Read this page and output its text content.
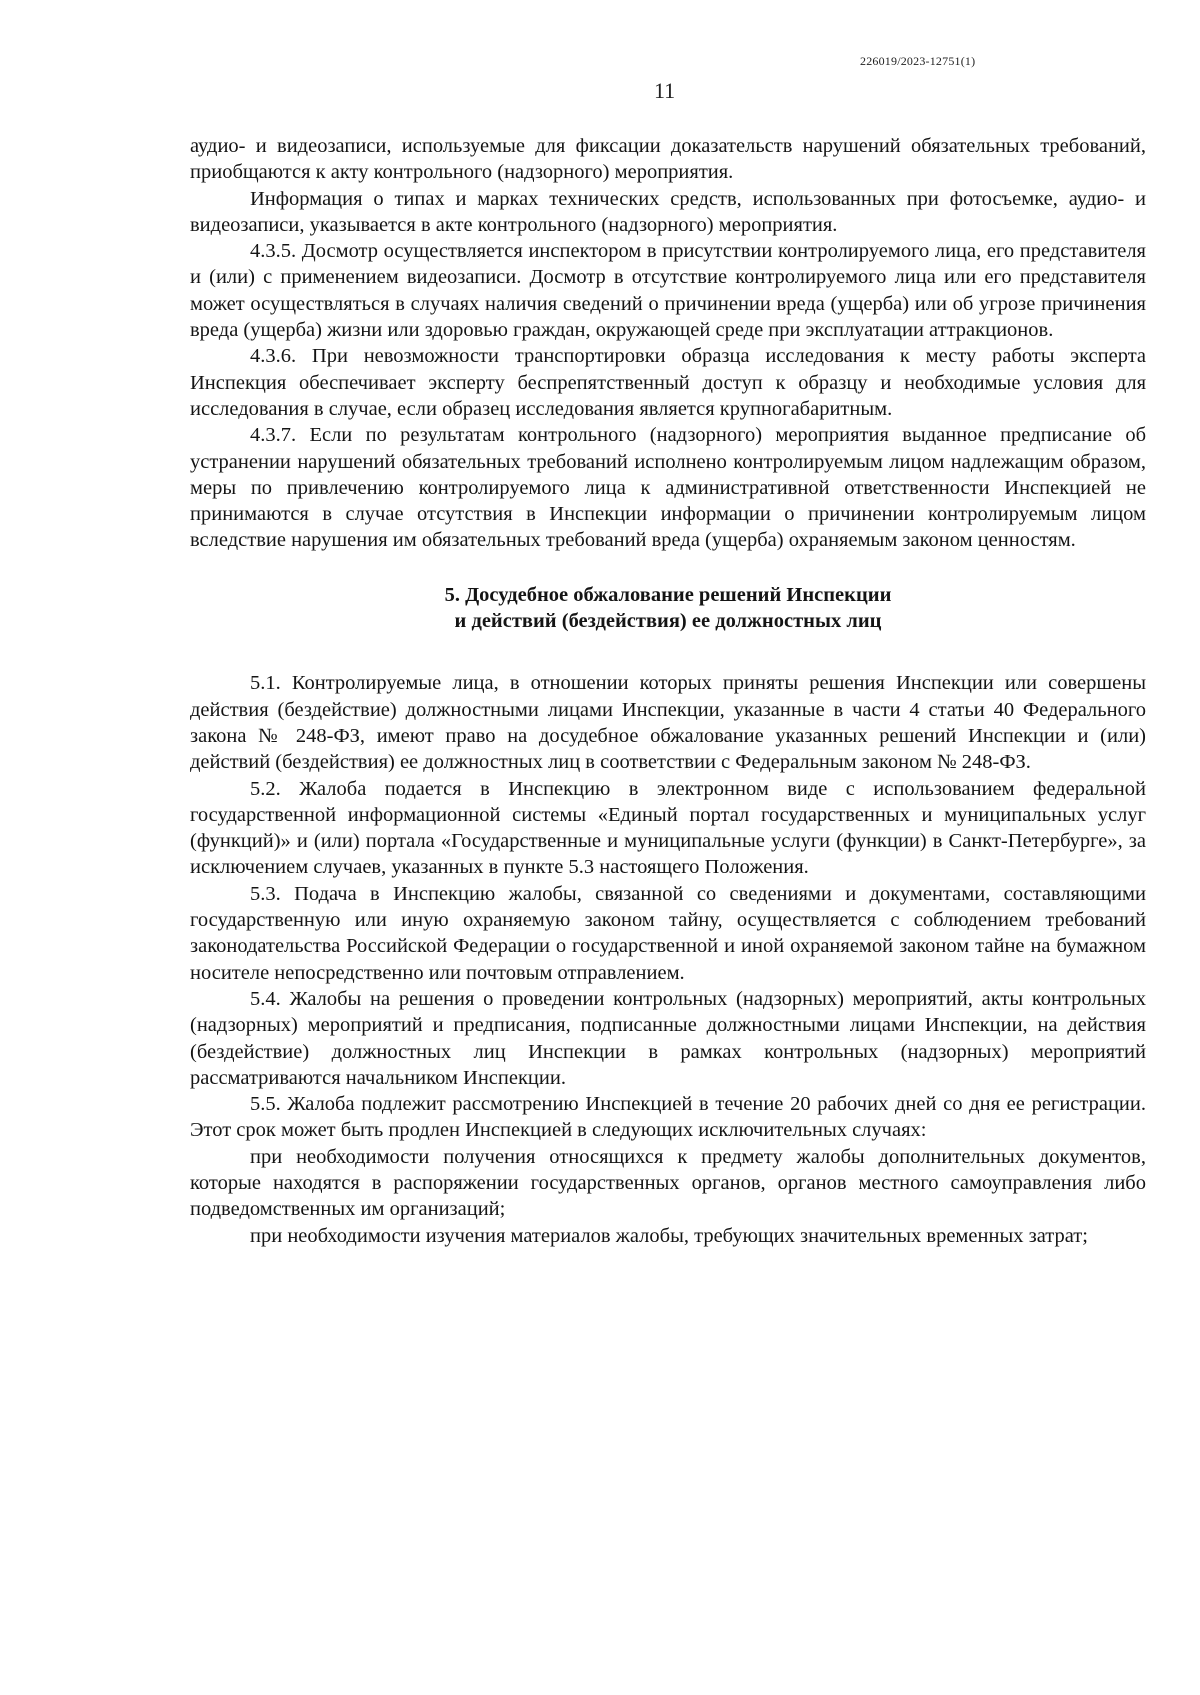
226019/2023-12751(1)
11

аудио- и видеозаписи, используемые для фиксации доказательств нарушений обязательных требований, приобщаются к акту контрольного (надзорного) мероприятия.

Информация о типах и марках технических средств, использованных при фотосъемке, аудио- и видеозаписи, указывается в акте контрольного (надзорного) мероприятия.

4.3.5. Досмотр осуществляется инспектором в присутствии контролируемого лица, его представителя и (или) с применением видеозаписи. Досмотр в отсутствие контролируемого лица или его представителя может осуществляться в случаях наличия сведений о причинении вреда (ущерба) или об угрозе причинения вреда (ущерба) жизни или здоровью граждан, окружающей среде при эксплуатации аттракционов.

4.3.6. При невозможности транспортировки образца исследования к месту работы эксперта Инспекция обеспечивает эксперту беспрепятственный доступ к образцу и необходимые условия для исследования в случае, если образец исследования является крупногабаритным.

4.3.7. Если по результатам контрольного (надзорного) мероприятия выданное предписание об устранении нарушений обязательных требований исполнено контролируемым лицом надлежащим образом, меры по привлечению контролируемого лица к административной ответственности Инспекцией не принимаются в случае отсутствия в Инспекции информации о причинении контролируемым лицом вследствие нарушения им обязательных требований вреда (ущерба) охраняемым законом ценностям.

5. Досудебное обжалование решений Инспекции
и действий (бездействия) ее должностных лиц

5.1. Контролируемые лица, в отношении которых приняты решения Инспекции или совершены действия (бездействие) должностными лицами Инспекции, указанные в части 4 статьи 40 Федерального закона № 248-ФЗ, имеют право на досудебное обжалование указанных решений Инспекции и (или) действий (бездействия) ее должностных лиц в соответствии с Федеральным законом № 248-ФЗ.

5.2. Жалоба подается в Инспекцию в электронном виде с использованием федеральной государственной информационной системы «Единый портал государственных и муниципальных услуг (функций)» и (или) портала «Государственные и муниципальные услуги (функции) в Санкт-Петербурге», за исключением случаев, указанных в пункте 5.3 настоящего Положения.

5.3. Подача в Инспекцию жалобы, связанной со сведениями и документами, составляющими государственную или иную охраняемую законом тайну, осуществляется с соблюдением требований законодательства Российской Федерации о государственной и иной охраняемой законом тайне на бумажном носителе непосредственно или почтовым отправлением.

5.4. Жалобы на решения о проведении контрольных (надзорных) мероприятий, акты контрольных (надзорных) мероприятий и предписания, подписанные должностными лицами Инспекции, на действия (бездействие) должностных лиц Инспекции в рамках контрольных (надзорных) мероприятий рассматриваются начальником Инспекции.

5.5. Жалоба подлежит рассмотрению Инспекцией в течение 20 рабочих дней со дня ее регистрации. Этот срок может быть продлен Инспекцией в следующих исключительных случаях:

при необходимости получения относящихся к предмету жалобы дополнительных документов, которые находятся в распоряжении государственных органов, органов местного самоуправления либо подведомственных им организаций;

при необходимости изучения материалов жалобы, требующих значительных временных затрат;
